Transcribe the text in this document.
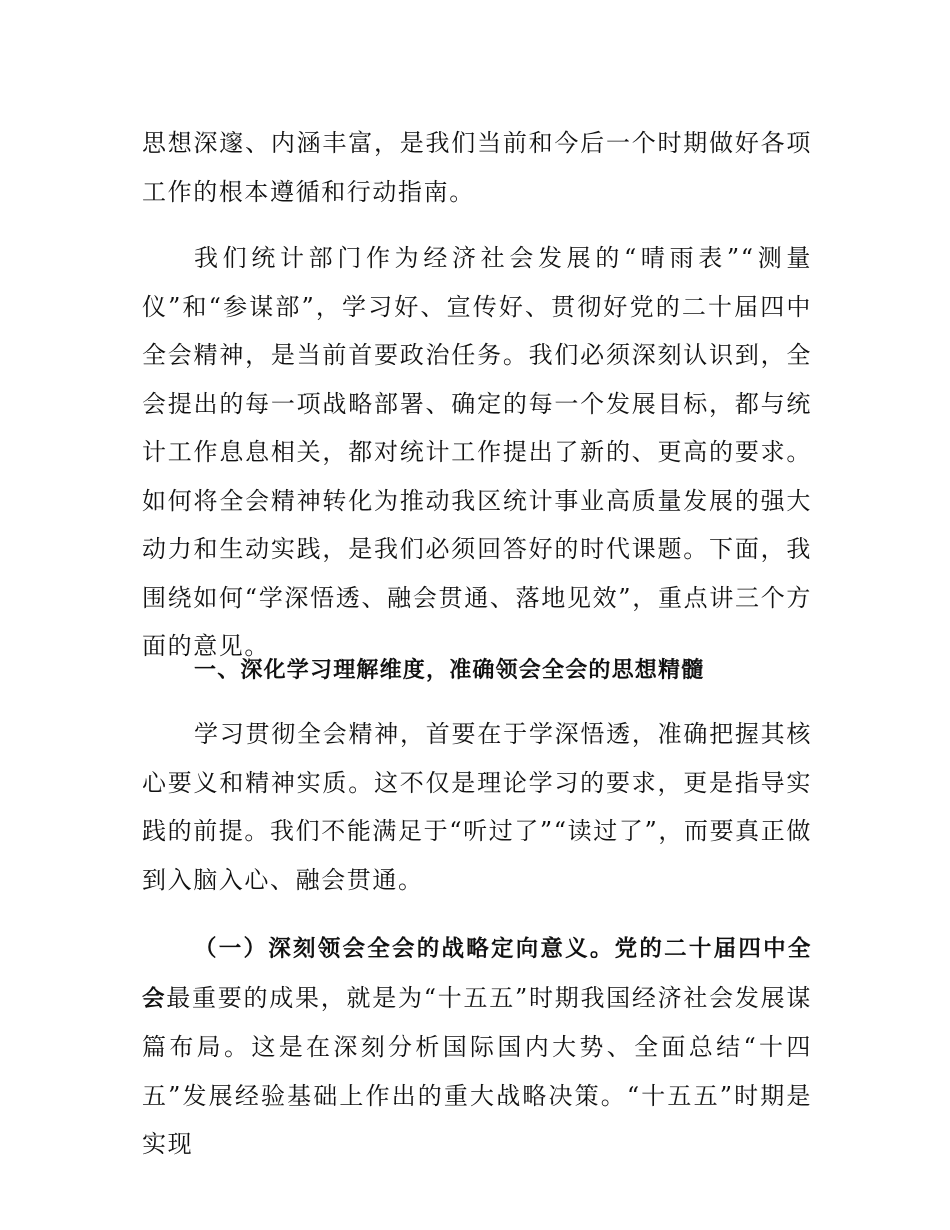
思想深邃、内涵丰富，是我们当前和今后一个时期做好各项工作的根本遵循和行动指南。

我们统计部门作为经济社会发展的“晴雨表”“测量仪”和“参谋部”，学习好、宣传好、贯彻好党的二十届四中全会精神，是当前首要政治任务。我们必须深刻认识到，全会提出的每一项战略部署、确定的每一个发展目标，都与统计工作息息相关，都对统计工作提出了新的、更高的要求。如何将全会精神转化为推动我区统计事业高质量发展的强大动力和生动实践，是我们必须回答好的时代课题。下面，我围绕如何“学深悟透、融会贯通、落地见效”，重点讲三个方面的意见。

一、深化学习理解维度，准确领会全会的思想精髓

学习贯彻全会精神，首要在于学深悟透，准确把握其核心要义和精神实质。这不仅是理论学习的要求，更是指导实践的前提。我们不能满足于“听过了”“读过了”，而要真正做到入脑入心、融会贯通。

（一）深刻领会全会的战略定向意义。党的二十届四中全会最重要的成果，就是为“十五五”时期我国经济社会发展谋篇布局。这是在深刻分析国际国内大势、全面总结“十四五”发展经验基础上作出的重大战略决策。“十五五”时期是实现
